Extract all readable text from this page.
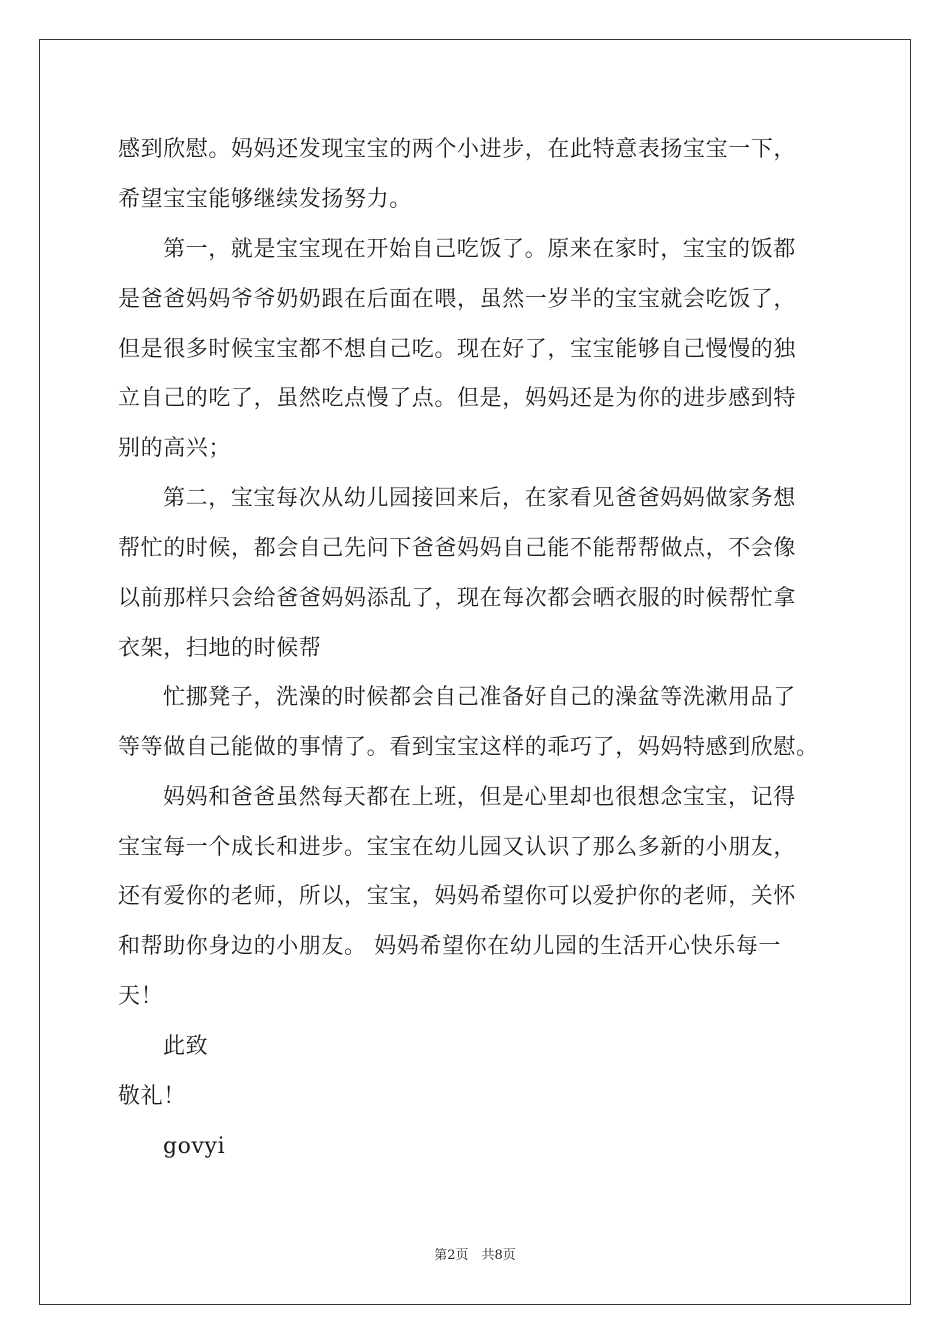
感到欣慰。妈妈还发现宝宝的两个小进步，在此特意表扬宝宝一下，
希望宝宝能够继续发扬努力。
第一，就是宝宝现在开始自己吃饭了。原来在家时，宝宝的饭都
是爸爸妈妈爷爷奶奶跟在后面在喂，虽然一岁半的宝宝就会吃饭了，
但是很多时候宝宝都不想自己吃。现在好了，宝宝能够自己慢慢的独
立自己的吃了，虽然吃点慢了点。但是，妈妈还是为你的进步感到特
别的高兴；
第二，宝宝每次从幼儿园接回来后，在家看见爸爸妈妈做家务想
帮忙的时候，都会自己先问下爸爸妈妈自己能不能帮帮做点，不会像
以前那样只会给爸爸妈妈添乱了，现在每次都会晒衣服的时候帮忙拿
衣架，扫地的时候帮
忙挪凳子，洗澡的时候都会自己准备好自己的澡盆等洗漱用品了
等等做自己能做的事情了。看到宝宝这样的乖巧了，妈妈特感到欣慰。
妈妈和爸爸虽然每天都在上班，但是心里却也很想念宝宝，记得
宝宝每一个成长和进步。宝宝在幼儿园又认识了那么多新的小朋友，
还有爱你的老师，所以，宝宝，妈妈希望你可以爱护你的老师，关怀
和帮助你身边的小朋友。 妈妈希望你在幼儿园的生活开心快乐每一
天！
此致
敬礼！
govyi
第2页　共8页
